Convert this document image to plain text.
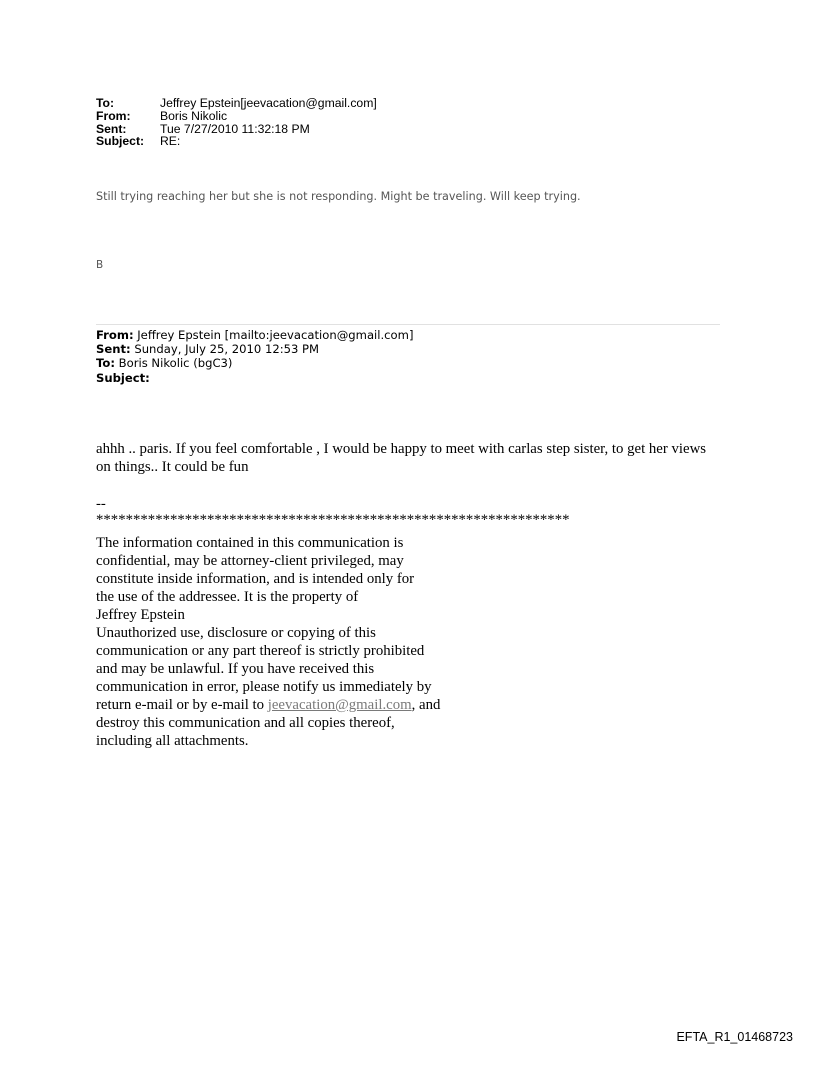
To:	Jeffrey Epstein[jeevacation@gmail.com]
From:	Boris Nikolic
Sent:	Tue 7/27/2010 11:32:18 PM
Subject:	RE:
Still trying reaching her but she is not responding. Might be traveling. Will keep trying.
B
From: Jeffrey Epstein [mailto:jeevacation@gmail.com]
Sent: Sunday, July 25, 2010 12:53 PM
To: Boris Nikolic (bgC3)
Subject:
ahhh .. paris. If you feel comfortable , I would be happy to meet with carlas step sister, to get her views on things.. It could be fun
--
****************************************************************
The information contained in this communication is
confidential, may be attorney-client privileged, may
constitute inside information, and is intended only for
the use of the addressee. It is the property of
Jeffrey Epstein
Unauthorized use, disclosure or copying of this
communication or any part thereof is strictly prohibited
and may be unlawful. If you have received this
communication in error, please notify us immediately by
return e-mail or by e-mail to jeevacation@gmail.com, and
destroy this communication and all copies thereof,
including all attachments.
EFTA_R1_01468723
